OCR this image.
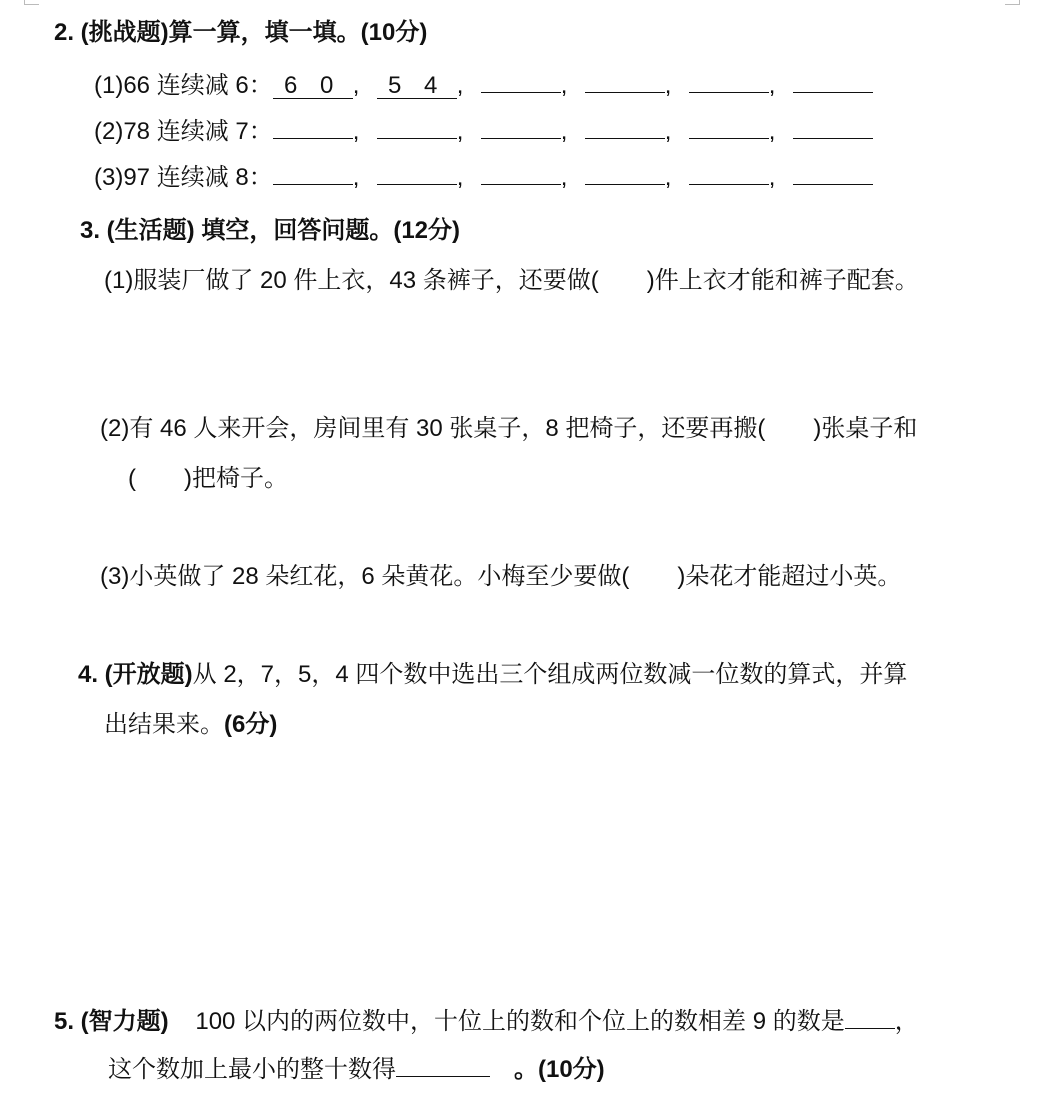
2. (挑战题)算一算，填一填。(10分)
(1)66 连续减 6： 6 0 , 5 4 ,	,	,	,
(2)78 连续减 7：	,	,	,	,	,
(3)97 连续减 8：	,	,	,	,	,
3. (生活题) 填空，回答问题。(12分)
(1)服装厂做了 20 件上衣，43 条裤子，还要做(　　)件上衣才能和裤子配套。
(2)有 46 人来开会，房间里有 30 张桌子，8 把椅子，还要再搬(　　)张桌子和
(　　)把椅子。
(3)小英做了 28 朵红花，6 朵黄花。小梅至少要做(　　)朵花才能超过小英。
4. (开放题)从 2，7，5，4 四个数中选出三个组成两位数减一位数的算式，并算
出结果来。(6分)
5. (智力题) 100 以内的两位数中，十位上的数和个位上的数相差 9 的数是 ，
这个数加上最小的整十数得	。(10分)
